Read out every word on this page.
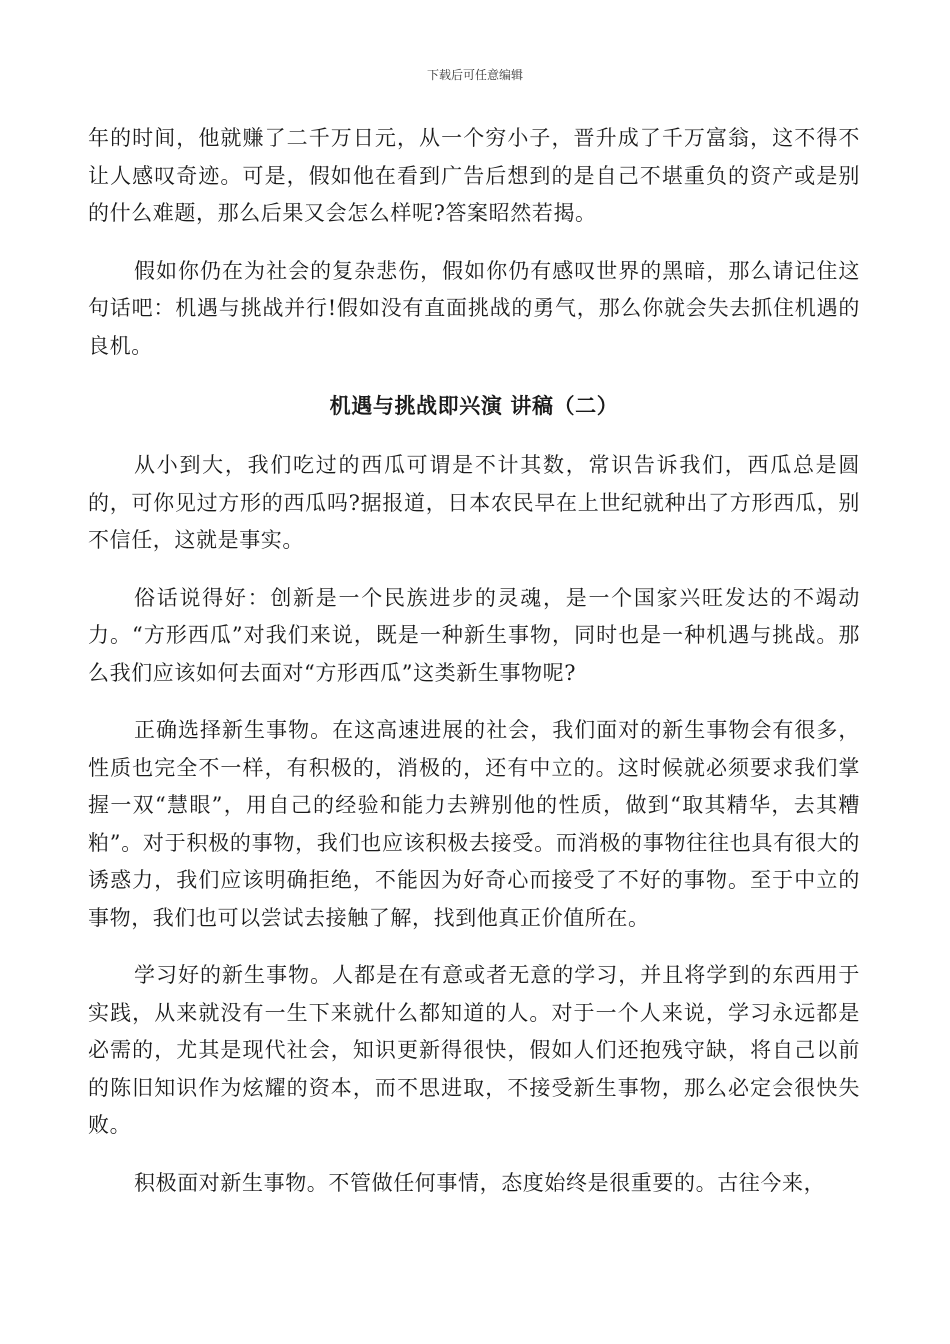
下载后可任意编辑

年的时间，他就赚了二千万日元，从一个穷小子，晋升成了千万富翁，这不得不让人感叹奇迹。可是，假如他在看到广告后想到的是自己不堪重负的资产或是别的什么难题，那么后果又会怎么样呢?答案昭然若揭。

假如你仍在为社会的复杂悲伤，假如你仍有感叹世界的黑暗，那么请记住这句话吧：机遇与挑战并行!假如没有直面挑战的勇气，那么你就会失去抓住机遇的良机。

机遇与挑战即兴演 讲稿（二）

从小到大，我们吃过的西瓜可谓是不计其数，常识告诉我们，西瓜总是圆的，可你见过方形的西瓜吗?据报道，日本农民早在上世纪就种出了方形西瓜，别不信任，这就是事实。

俗话说得好：创新是一个民族进步的灵魂，是一个国家兴旺发达的不竭动力。“方形西瓜”对我们来说，既是一种新生事物，同时也是一种机遇与挑战。那么我们应该如何去面对“方形西瓜”这类新生事物呢?

正确选择新生事物。在这高速进展的社会，我们面对的新生事物会有很多，性质也完全不一样，有积极的，消极的，还有中立的。这时候就必须要求我们掌握一双“慧眼”，用自己的经验和能力去辨别他的性质，做到“取其精华，去其糟粕”。对于积极的事物，我们也应该积极去接受。而消极的事物往往也具有很大的诱惑力，我们应该明确拒绝，不能因为好奇心而接受了不好的事物。至于中立的事物，我们也可以尝试去接触了解，找到他真正价值所在。

学习好的新生事物。人都是在有意或者无意的学习，并且将学到的东西用于实践，从来就没有一生下来就什么都知道的人。对于一个人来说，学习永远都是必需的，尤其是现代社会，知识更新得很快，假如人们还抱残守缺，将自己以前的陈旧知识作为炫耀的资本，而不思进取，不接受新生事物，那么必定会很快失败。

积极面对新生事物。不管做任何事情，态度始终是很重要的。古往今来，
